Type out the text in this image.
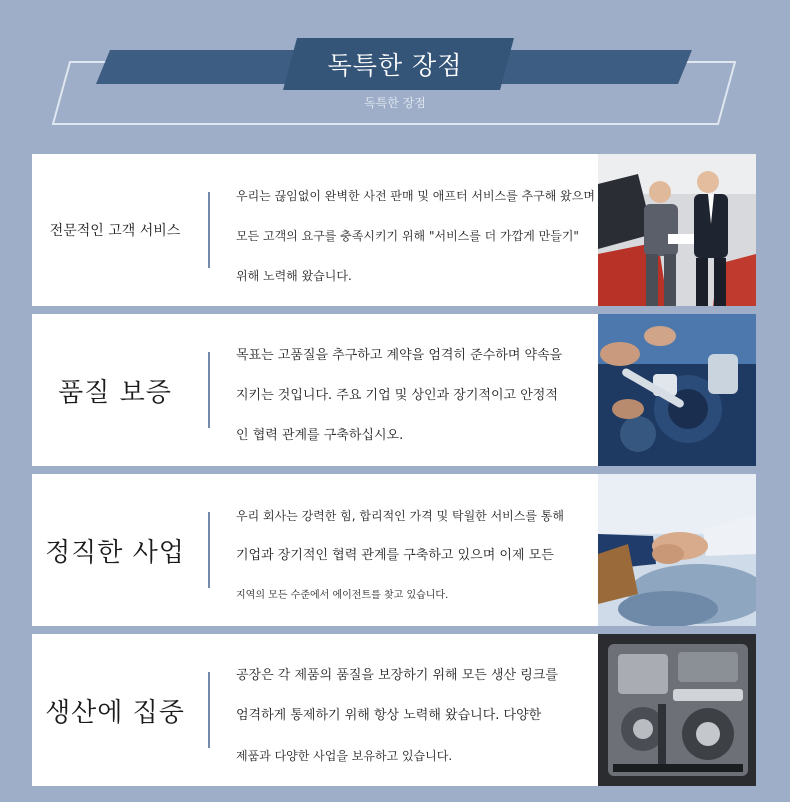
독특한 장점
독특한 장점
전문적인 고객 서비스
우리는 끊임없이 완벽한 사전 판매 및 애프터 서비스를 추구해 왔으며
모든 고객의 요구를 충족시키기 위해 "서비스를 더 가깝게 만들기"
위해 노력해 왔습니다.
품질 보증
목표는 고품질을 추구하고 계약을 엄격히 준수하며 약속을
지키는 것입니다. 주요 기업 및 상인과 장기적이고 안정적
인 협력 관계를 구축하십시오.
정직한 사업
우리 회사는 강력한 힘, 합리적인 가격 및 탁월한 서비스를 통해
기업과 장기적인 협력 관계를 구축하고 있으며 이제 모든
지역의 모든 수준에서 에이전트를 찾고 있습니다.
생산에 집중
공장은 각 제품의 품질을 보장하기 위해 모든 생산 링크를
엄격하게 통제하기 위해 항상 노력해 왔습니다. 다양한
제품과 다양한 사업을 보유하고 있습니다.
